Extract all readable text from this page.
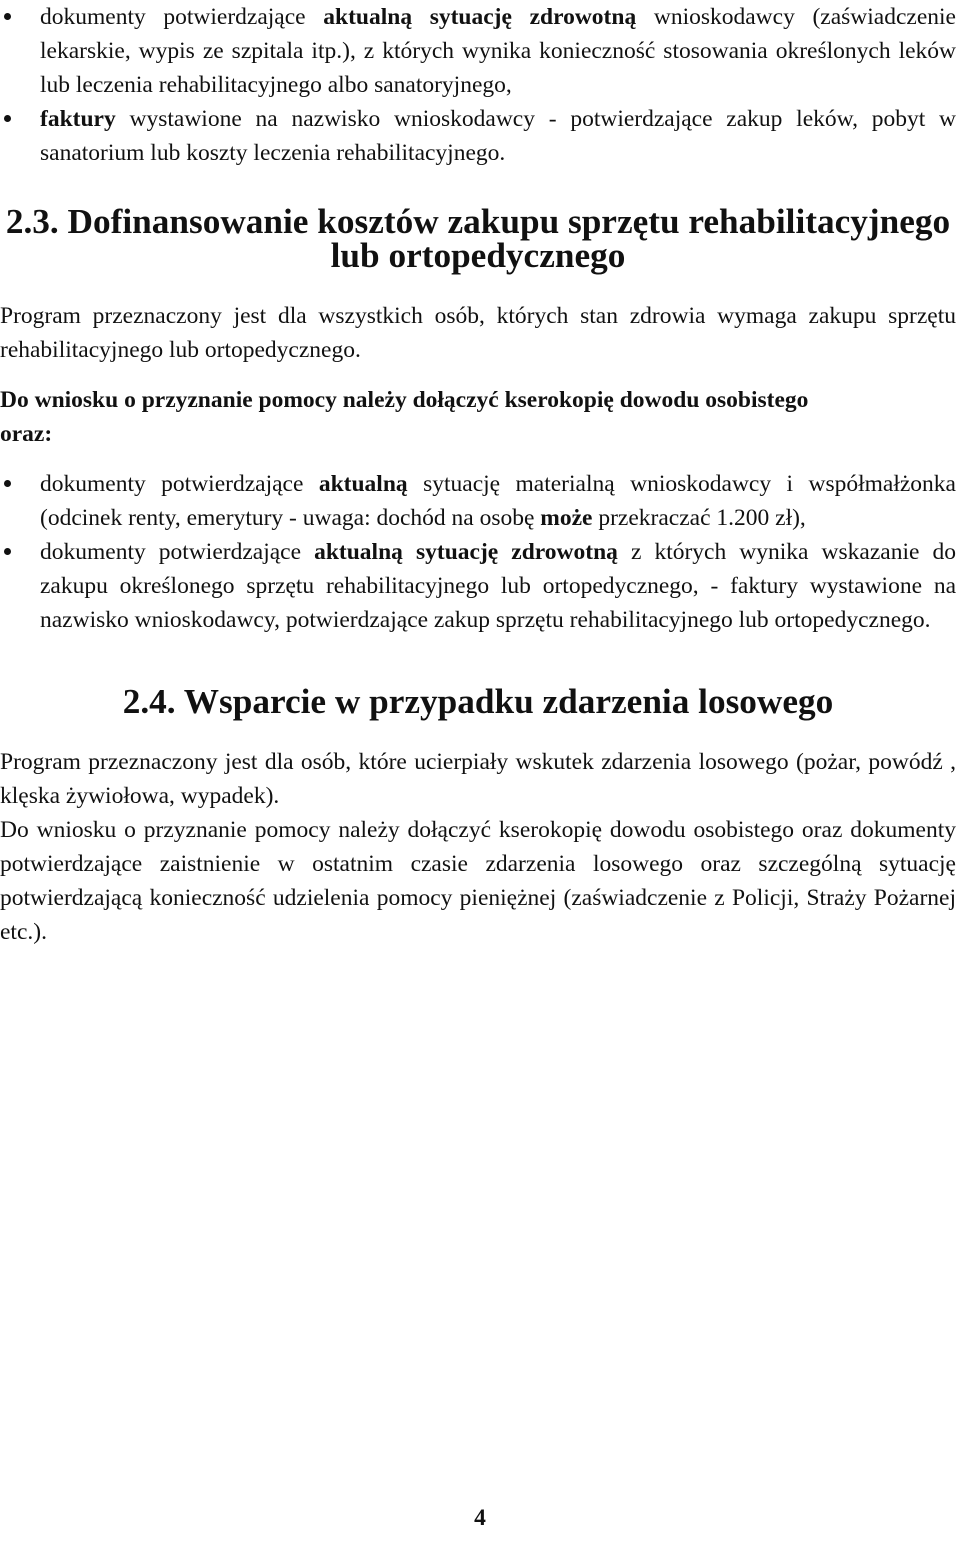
dokumenty potwierdzające aktualną sytuację zdrowotną wnioskodawcy (zaświadczenie lekarskie, wypis ze szpitala itp.), z których wynika konieczność stosowania określonych leków lub leczenia rehabilitacyjnego albo sanatoryjnego,
faktury wystawione na nazwisko wnioskodawcy - potwierdzające zakup leków, pobyt w sanatorium lub koszty leczenia rehabilitacyjnego.
2.3. Dofinansowanie kosztów zakupu sprzętu rehabilitacyjnego
lub ortopedycznego

Program przeznaczony jest dla wszystkich osób, których stan zdrowia wymaga zakupu sprzętu rehabilitacyjnego lub ortopedycznego.

Do wniosku o przyznanie pomocy należy dołączyć kserokopię dowodu osobistego

oraz:

dokumenty potwierdzające aktualną sytuację materialną wnioskodawcy i współmałżonka (odcinek renty, emerytury - uwaga: dochód na osobę może przekraczać 1.200 zł),
dokumenty potwierdzające aktualną sytuację zdrowotną z których wynika wskazanie do zakupu określonego sprzętu rehabilitacyjnego lub ortopedycznego, - faktury wystawione na nazwisko wnioskodawcy, potwierdzające zakup sprzętu rehabilitacyjnego lub ortopedycznego.
2.4. Wsparcie w przypadku zdarzenia losowego

Program przeznaczony jest dla osób, które ucierpiały wskutek zdarzenia losowego (pożar, powódź , klęska żywiołowa, wypadek).

Do wniosku o przyznanie pomocy należy dołączyć kserokopię dowodu osobistego oraz dokumenty potwierdzające zaistnienie w ostatnim czasie zdarzenia losowego oraz szczególną sytuację potwierdzającą konieczność udzielenia pomocy pieniężnej (zaświadczenie z Policji, Straży Pożarnej etc.).

4
